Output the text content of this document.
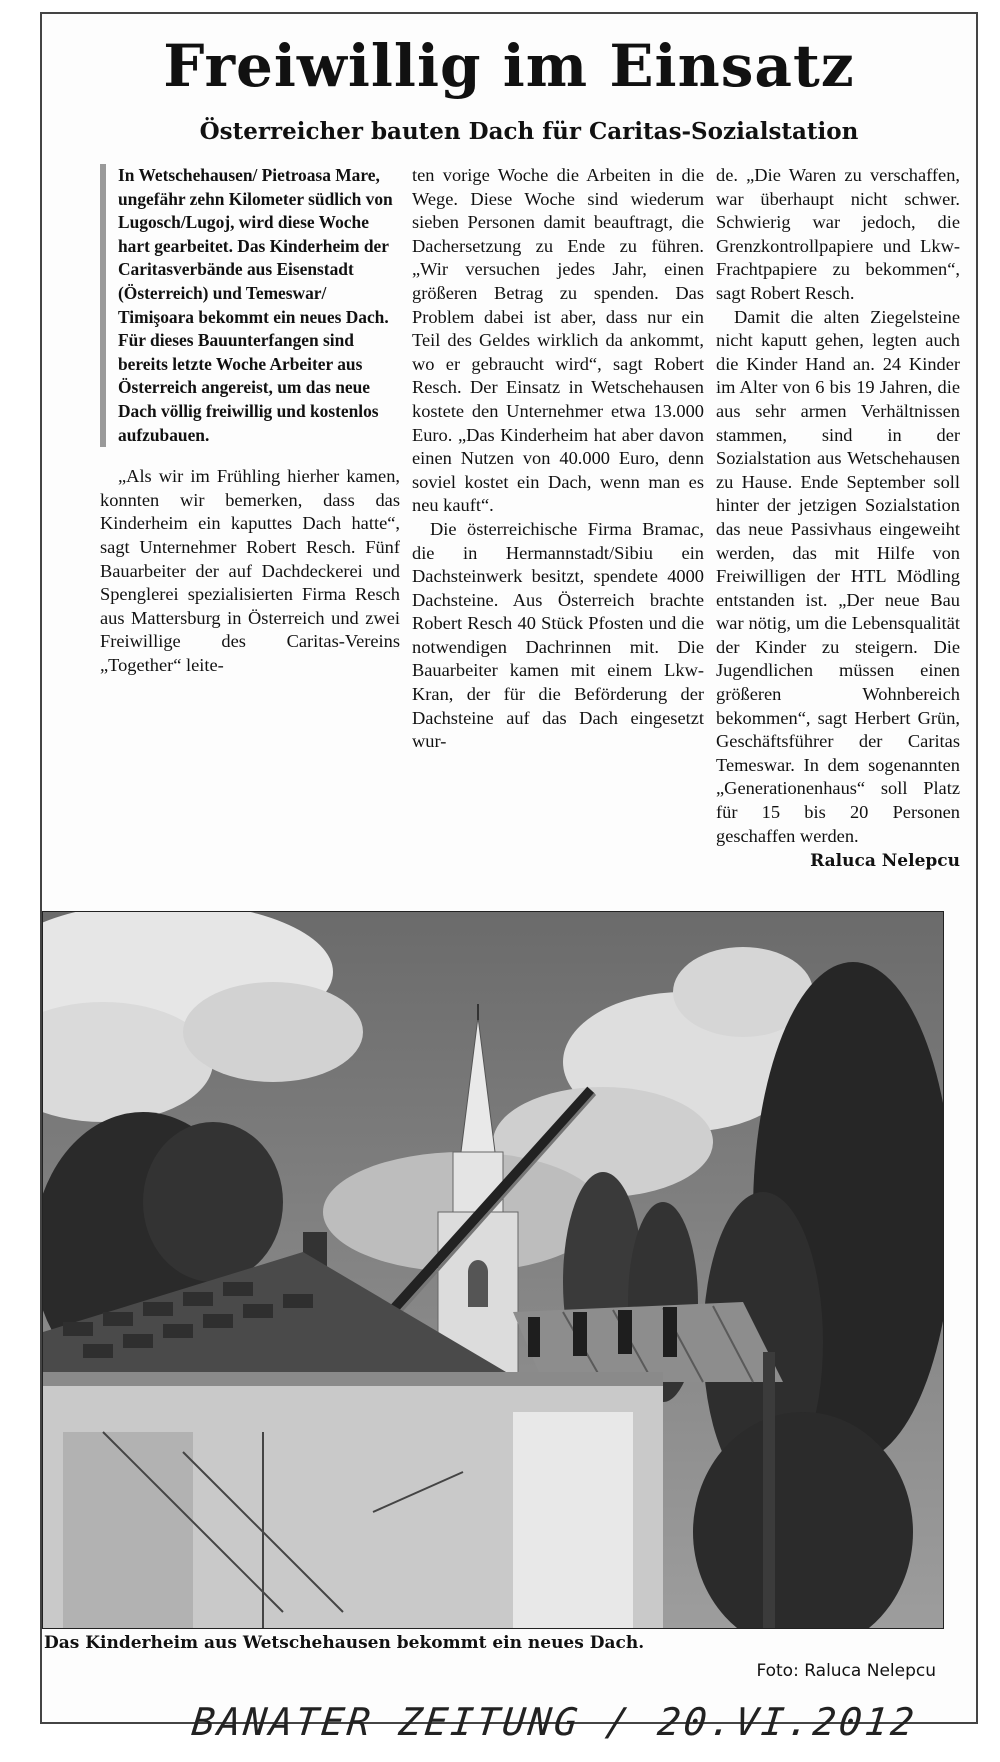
Freiwillig im Einsatz
Österreicher bauten Dach für Caritas-Sozialstation

In Wetschehausen/ Pietroasa Mare, ungefähr zehn Kilometer südlich von Lugosch/Lugoj, wird diese Woche hart gearbeitet. Das Kinderheim der Caritasverbände aus Eisenstadt (Österreich) und Temeswar/ Timişoara bekommt ein neues Dach. Für dieses Bauunterfangen sind bereits letzte Woche Arbeiter aus Österreich angereist, um das neue Dach völlig freiwillig und kostenlos aufzubauen.

„Als wir im Frühling hierher kamen, konnten wir bemerken, dass das Kinderheim ein kaputtes Dach hatte“, sagt Unternehmer Robert Resch. Fünf Bauarbeiter der auf Dachdeckerei und Spenglerei spezialisierten Firma Resch aus Mattersburg in Österreich und zwei Freiwillige des Caritas-Vereins „Together“ leite-

ten vorige Woche die Arbeiten in die Wege. Diese Woche sind wiederum sieben Personen damit beauftragt, die Dachersetzung zu Ende zu führen. „Wir versuchen jedes Jahr, einen größeren Betrag zu spenden. Das Problem dabei ist aber, dass nur ein Teil des Geldes wirklich da ankommt, wo er gebraucht wird“, sagt Robert Resch. Der Einsatz in Wetschehausen kostete den Unternehmer etwa 13.000 Euro. „Das Kinderheim hat aber davon einen Nutzen von 40.000 Euro, denn soviel kostet ein Dach, wenn man es neu kauft“.

Die österreichische Firma Bramac, die in Hermannstadt/Sibiu ein Dachsteinwerk besitzt, spendete 4000 Dachsteine. Aus Österreich brachte Robert Resch 40 Stück Pfosten und die notwendigen Dachrinnen mit. Die Bauarbeiter kamen mit einem Lkw-Kran, der für die Beförderung der Dachsteine auf das Dach eingesetzt wur-

de. „Die Waren zu verschaffen, war überhaupt nicht schwer. Schwierig war jedoch, die Grenzkontrollpapiere und Lkw-Frachtpapiere zu bekommen“, sagt Robert Resch.

Damit die alten Ziegelsteine nicht kaputt gehen, legten auch die Kinder Hand an. 24 Kinder im Alter von 6 bis 19 Jahren, die aus sehr armen Verhältnissen stammen, sind in der Sozialstation aus Wetschehausen zu Hause. Ende September soll hinter der jetzigen Sozialstation das neue Passivhaus eingeweiht werden, das mit Hilfe von Freiwilligen der HTL Mödling entstanden ist. „Der neue Bau war nötig, um die Lebensqualität der Kinder zu steigern. Die Jugendlichen müssen einen größeren Wohnbereich bekommen“, sagt Herbert Grün, Geschäftsführer der Caritas Temeswar. In dem sogenannten „Generationenhaus“ soll Platz für 15 bis 20 Personen geschaffen werden.

Raluca Nelepcu

Das Kinderheim aus Wetschehausen bekommt ein neues Dach.
Foto: Raluca Nelepcu
BANATER ZEITUNG / 20.VI.2012
